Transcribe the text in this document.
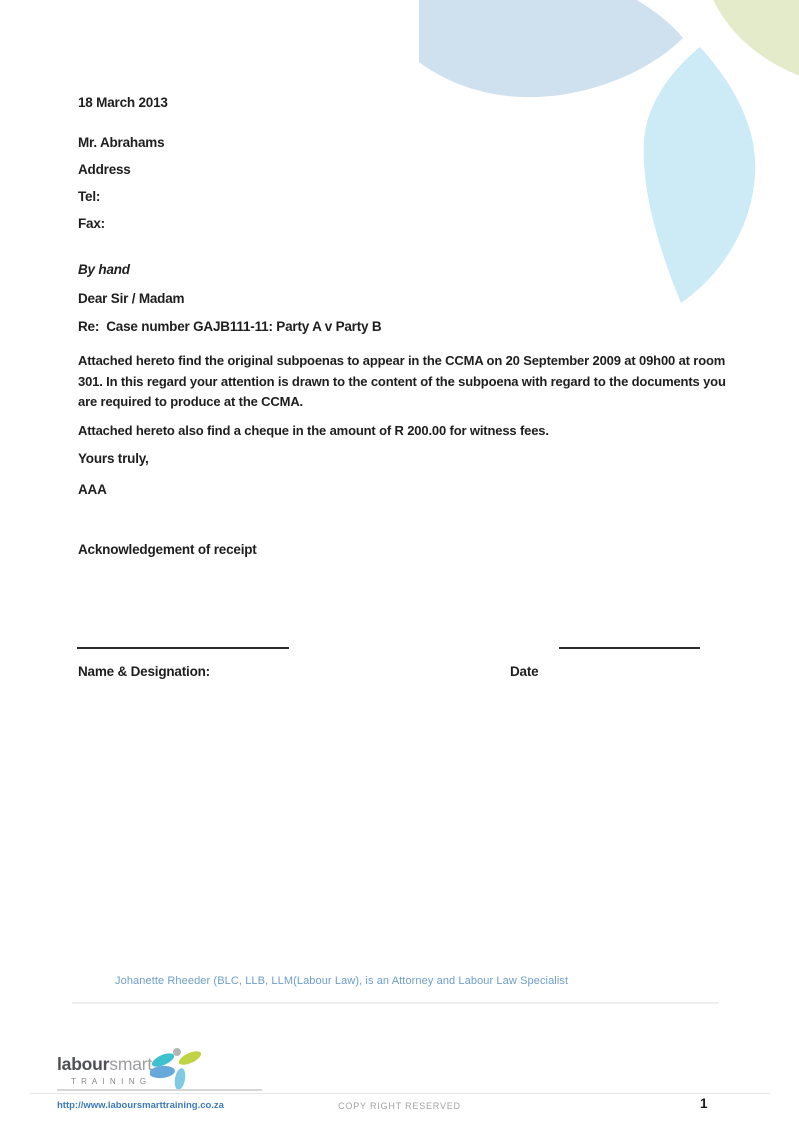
18 March 2013
Mr. Abrahams
Address
Tel:
Fax:
By hand
Dear Sir / Madam
Re:  Case number GAJB111-11: Party A v Party B
Attached hereto find the original subpoenas to appear in the CCMA on 20 September 2009 at 09h00 at room 301. In this regard your attention is drawn to the content of the subpoena with regard to the documents you are required to produce at the CCMA.
Attached hereto also find a cheque in the amount of R 200.00 for witness fees.
Yours truly,
AAA
Acknowledgement of receipt
Name & Designation:	Date
Johanette Rheeder (BLC, LLB, LLM(Labour Law), is an Attorney and Labour Law Specialist
laboursmart
T R A I N I N G
http://www.laboursmarttraining.co.za	COPY RIGHT RESERVED	1
